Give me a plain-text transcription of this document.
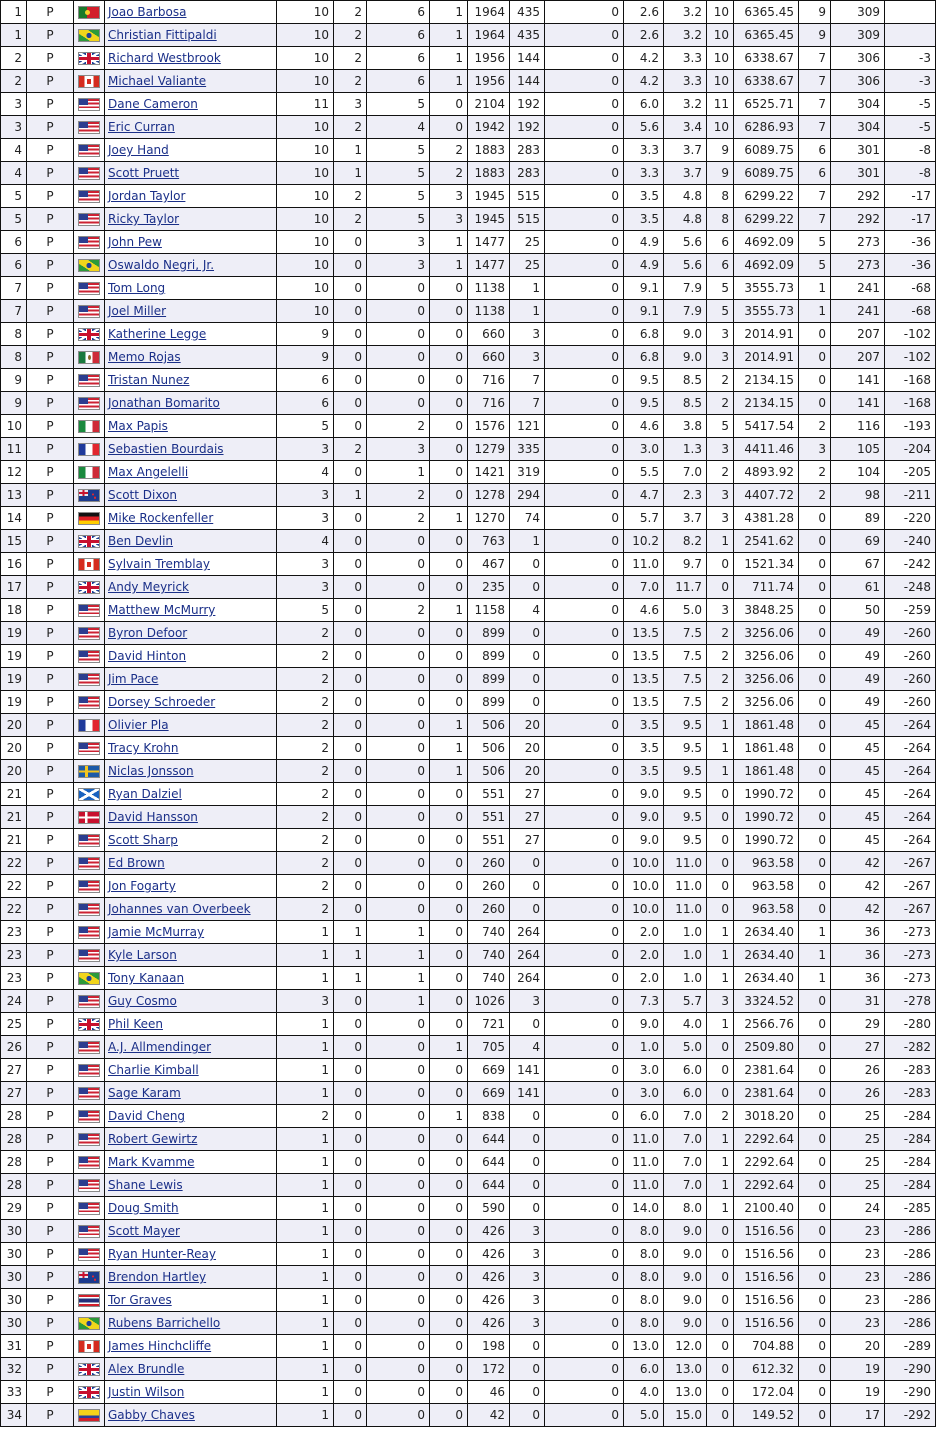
1	P		Joao Barbosa	10	2	6	1	1964	435	0	2.6	3.2	10	6365.45	9	309	
1	P		Christian Fittipaldi	10	2	6	1	1964	435	0	2.6	3.2	10	6365.45	9	309	
2	P		Richard Westbrook	10	2	6	1	1956	144	0	4.2	3.3	10	6338.67	7	306	-3
2	P		Michael Valiante	10	2	6	1	1956	144	0	4.2	3.3	10	6338.67	7	306	-3
3	P		Dane Cameron	11	3	5	0	2104	192	0	6.0	3.2	11	6525.71	7	304	-5
3	P		Eric Curran	10	2	4	0	1942	192	0	5.6	3.4	10	6286.93	7	304	-5
4	P		Joey Hand	10	1	5	2	1883	283	0	3.3	3.7	9	6089.75	6	301	-8
4	P		Scott Pruett	10	1	5	2	1883	283	0	3.3	3.7	9	6089.75	6	301	-8
5	P		Jordan Taylor	10	2	5	3	1945	515	0	3.5	4.8	8	6299.22	7	292	-17
5	P		Ricky Taylor	10	2	5	3	1945	515	0	3.5	4.8	8	6299.22	7	292	-17
6	P		John Pew	10	0	3	1	1477	25	0	4.9	5.6	6	4692.09	5	273	-36
6	P		Oswaldo Negri, Jr.	10	0	3	1	1477	25	0	4.9	5.6	6	4692.09	5	273	-36
7	P		Tom Long	10	0	0	0	1138	1	0	9.1	7.9	5	3555.73	1	241	-68
7	P		Joel Miller	10	0	0	0	1138	1	0	9.1	7.9	5	3555.73	1	241	-68
8	P		Katherine Legge	9	0	0	0	660	3	0	6.8	9.0	3	2014.91	0	207	-102
8	P		Memo Rojas	9	0	0	0	660	3	0	6.8	9.0	3	2014.91	0	207	-102
9	P		Tristan Nunez	6	0	0	0	716	7	0	9.5	8.5	2	2134.15	0	141	-168
9	P		Jonathan Bomarito	6	0	0	0	716	7	0	9.5	8.5	2	2134.15	0	141	-168
10	P		Max Papis	5	0	2	0	1576	121	0	4.6	3.8	5	5417.54	2	116	-193
11	P		Sebastien Bourdais	3	2	3	0	1279	335	0	3.0	1.3	3	4411.46	3	105	-204
12	P		Max Angelelli	4	0	1	0	1421	319	0	5.5	7.0	2	4893.92	2	104	-205
13	P		Scott Dixon	3	1	2	0	1278	294	0	4.7	2.3	3	4407.72	2	98	-211
14	P		Mike Rockenfeller	3	0	2	1	1270	74	0	5.7	3.7	3	4381.28	0	89	-220
15	P		Ben Devlin	4	0	0	0	763	1	0	10.2	8.2	1	2541.62	0	69	-240
16	P		Sylvain Tremblay	3	0	0	0	467	0	0	11.0	9.7	0	1521.34	0	67	-242
17	P		Andy Meyrick	3	0	0	0	235	0	0	7.0	11.7	0	711.74	0	61	-248
18	P		Matthew McMurry	5	0	2	1	1158	4	0	4.6	5.0	3	3848.25	0	50	-259
19	P		Byron Defoor	2	0	0	0	899	0	0	13.5	7.5	2	3256.06	0	49	-260
19	P		David Hinton	2	0	0	0	899	0	0	13.5	7.5	2	3256.06	0	49	-260
19	P		Jim Pace	2	0	0	0	899	0	0	13.5	7.5	2	3256.06	0	49	-260
19	P		Dorsey Schroeder	2	0	0	0	899	0	0	13.5	7.5	2	3256.06	0	49	-260
20	P		Olivier Pla	2	0	0	1	506	20	0	3.5	9.5	1	1861.48	0	45	-264
20	P		Tracy Krohn	2	0	0	1	506	20	0	3.5	9.5	1	1861.48	0	45	-264
20	P		Niclas Jonsson	2	0	0	1	506	20	0	3.5	9.5	1	1861.48	0	45	-264
21	P		Ryan Dalziel	2	0	0	0	551	27	0	9.0	9.5	0	1990.72	0	45	-264
21	P		David Hansson	2	0	0	0	551	27	0	9.0	9.5	0	1990.72	0	45	-264
21	P		Scott Sharp	2	0	0	0	551	27	0	9.0	9.5	0	1990.72	0	45	-264
22	P		Ed Brown	2	0	0	0	260	0	0	10.0	11.0	0	963.58	0	42	-267
22	P		Jon Fogarty	2	0	0	0	260	0	0	10.0	11.0	0	963.58	0	42	-267
22	P		Johannes van Overbeek	2	0	0	0	260	0	0	10.0	11.0	0	963.58	0	42	-267
23	P		Jamie McMurray	1	1	1	0	740	264	0	2.0	1.0	1	2634.40	1	36	-273
23	P		Kyle Larson	1	1	1	0	740	264	0	2.0	1.0	1	2634.40	1	36	-273
23	P		Tony Kanaan	1	1	1	0	740	264	0	2.0	1.0	1	2634.40	1	36	-273
24	P		Guy Cosmo	3	0	1	0	1026	3	0	7.3	5.7	3	3324.52	0	31	-278
25	P		Phil Keen	1	0	0	0	721	0	0	9.0	4.0	1	2566.76	0	29	-280
26	P		A.J. Allmendinger	1	0	0	1	705	4	0	1.0	5.0	0	2509.80	0	27	-282
27	P		Charlie Kimball	1	0	0	0	669	141	0	3.0	6.0	0	2381.64	0	26	-283
27	P		Sage Karam	1	0	0	0	669	141	0	3.0	6.0	0	2381.64	0	26	-283
28	P		David Cheng	2	0	0	1	838	0	0	6.0	7.0	2	3018.20	0	25	-284
28	P		Robert Gewirtz	1	0	0	0	644	0	0	11.0	7.0	1	2292.64	0	25	-284
28	P		Mark Kvamme	1	0	0	0	644	0	0	11.0	7.0	1	2292.64	0	25	-284
28	P		Shane Lewis	1	0	0	0	644	0	0	11.0	7.0	1	2292.64	0	25	-284
29	P		Doug Smith	1	0	0	0	590	0	0	14.0	8.0	1	2100.40	0	24	-285
30	P		Scott Mayer	1	0	0	0	426	3	0	8.0	9.0	0	1516.56	0	23	-286
30	P		Ryan Hunter-Reay	1	0	0	0	426	3	0	8.0	9.0	0	1516.56	0	23	-286
30	P		Brendon Hartley	1	0	0	0	426	3	0	8.0	9.0	0	1516.56	0	23	-286
30	P		Tor Graves	1	0	0	0	426	3	0	8.0	9.0	0	1516.56	0	23	-286
30	P		Rubens Barrichello	1	0	0	0	426	3	0	8.0	9.0	0	1516.56	0	23	-286
31	P		James Hinchcliffe	1	0	0	0	198	0	0	13.0	12.0	0	704.88	0	20	-289
32	P		Alex Brundle	1	0	0	0	172	0	0	6.0	13.0	0	612.32	0	19	-290
33	P		Justin Wilson	1	0	0	0	46	0	0	4.0	13.0	0	172.04	0	19	-290
34	P		Gabby Chaves	1	0	0	0	42	0	0	5.0	15.0	0	149.52	0	17	-292
